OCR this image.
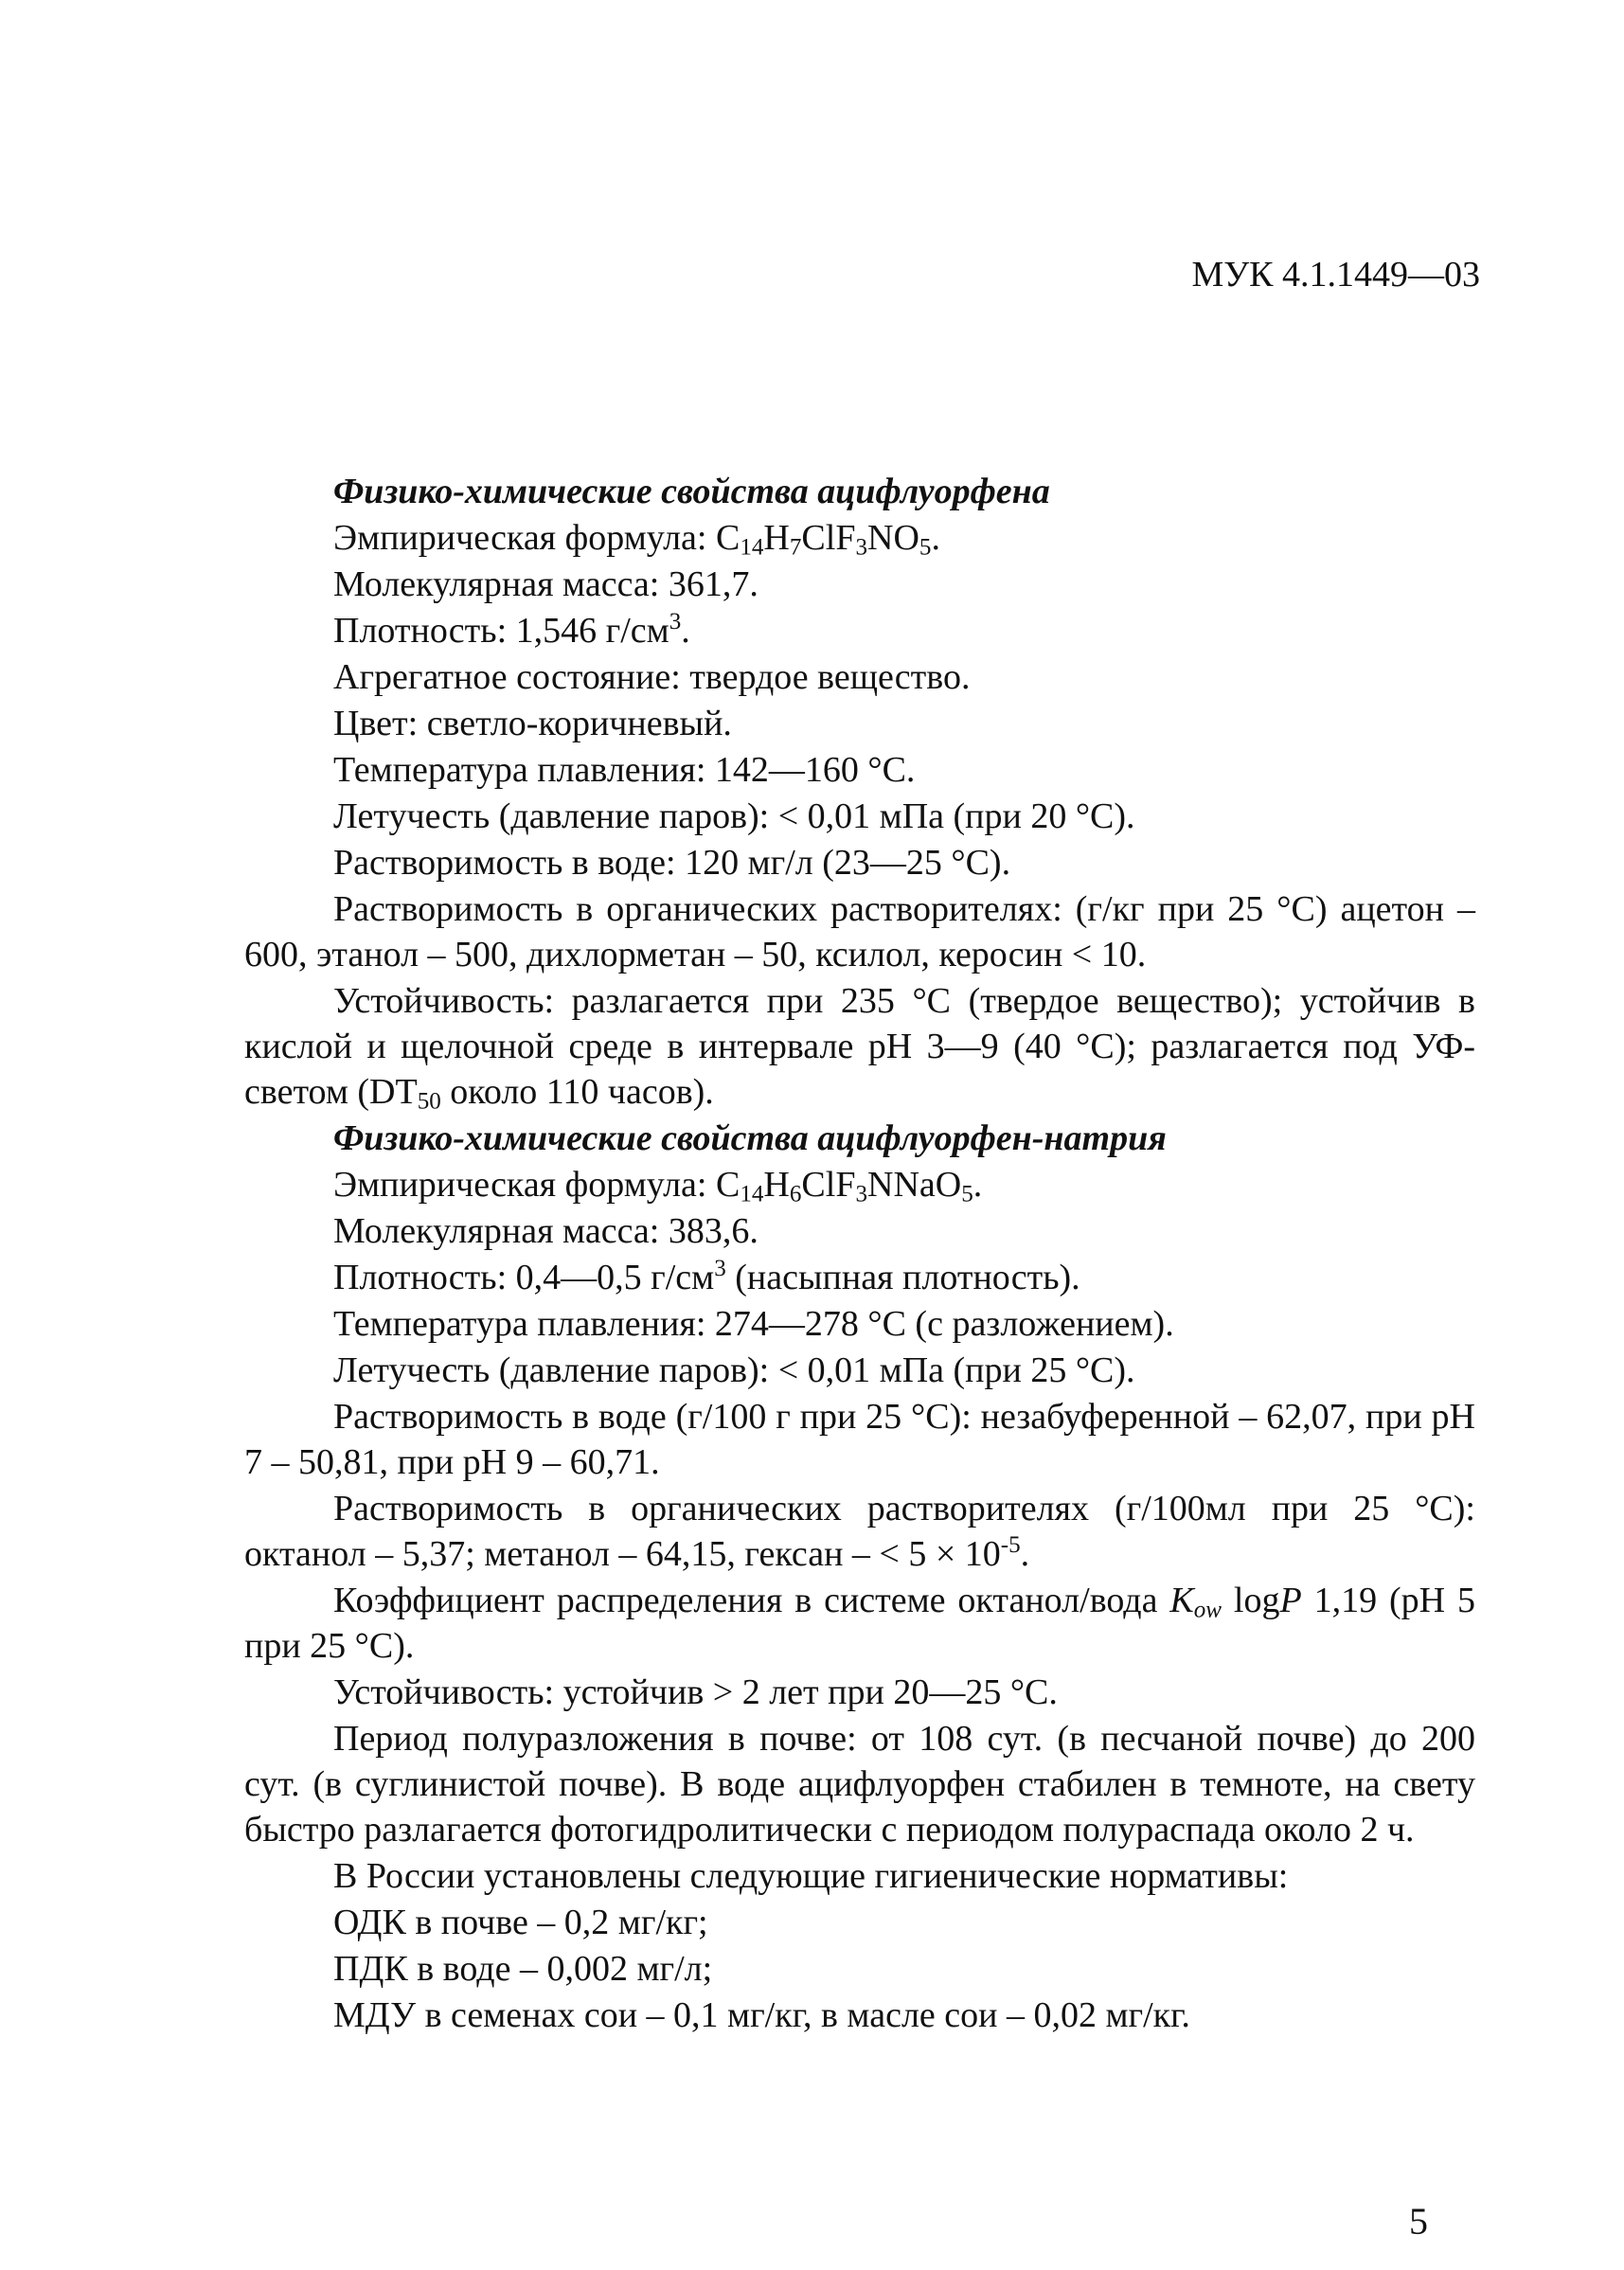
МУК 4.1.1449—03

Физико-химические свойства ацифлуорфена

Эмпирическая формула: $C_{14}H_7ClF_3NO_5$.

Молекулярная масса: 361,7.

Плотность: 1,546 $г/см^3$.

Агрегатное состояние: твердое вещество.

Цвет: светло-коричневый.

Температура плавления: 142—160 °С.

Летучесть (давление паров): < 0,01 мПа (при 20 °С).

Растворимость в воде: 120 мг/л (23—25 °С).

Растворимость в органических растворителях: (г/кг при 25 °С) ацетон – 600, этанол – 500, дихлорметан – 50, ксилол, керосин < 10.

Устойчивость: разлагается при 235 °С (твердое вещество); устойчив в кислой и щелочной среде в интервале pH 3—9 (40 °С); разлагается под УФ-светом ($DT_{50}$ около 110 часов).

Физико-химические свойства ацифлуорфен-натрия

Эмпирическая формула: $C_{14}H_6ClF_3NNaO_5$.

Молекулярная масса: 383,6.

Плотность: 0,4—0,5 $г/см^3$ (насыпная плотность).

Температура плавления: 274—278 °С (с разложением).

Летучесть (давление паров): < 0,01 мПа (при 25 °С).

Растворимость в воде (г/100 г при 25 °С): незабуференной – 62,07, при pH 7 – 50,81, при pH 9 – 60,71.

Растворимость в органических растворителях (г/100мл при 25 °С): октанол – 5,37; метанол – 64,15, гексан – < $5 \times 10^{-5}$.

Коэффициент распределения в системе октанол/вода $K_{ow}$ logP 1,19 (pH 5 при 25 °С).

Устойчивость: устойчив > 2 лет при 20—25 °С.

Период полуразложения в почве: от 108 сут. (в песчаной почве) до 200 сут. (в суглинистой почве). В воде ацифлуорфен стабилен в темноте, на свету быстро разлагается фотогидролитически с периодом полураспада около 2 ч.

В России установлены следующие гигиенические нормативы:

ОДК в почве – 0,2 мг/кг;

ПДК в воде – 0,002 мг/л;

МДУ в семенах сои – 0,1 мг/кг, в масле сои – 0,02 мг/кг.

5
